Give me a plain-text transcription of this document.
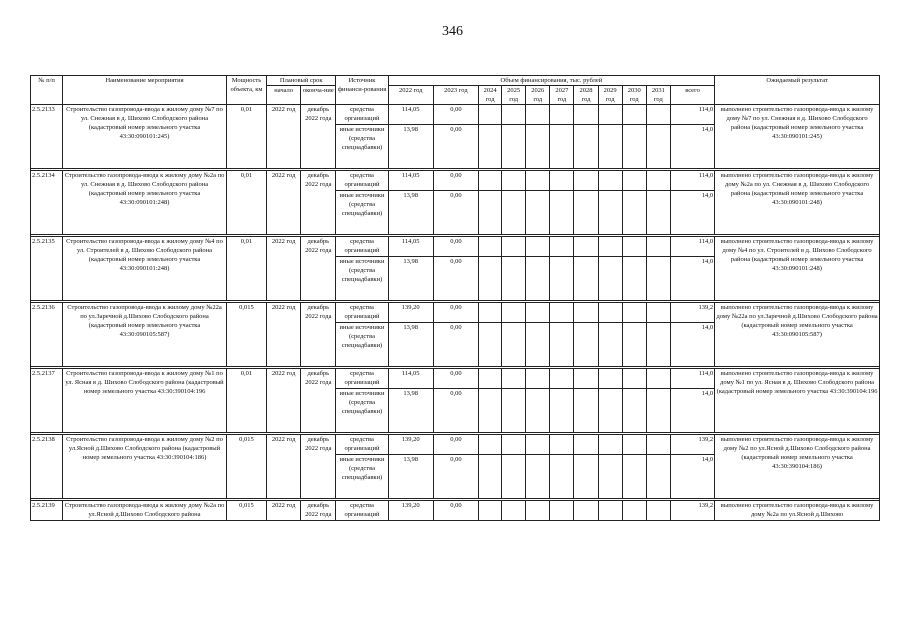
346
№ п/п	Наименование мероприятия	Мощность объекта, км	Плановый срок		Источник финанси-рования	Объем финансирования, тыс. рублей											Ожидаемый результат
			начало	оконча-ние		2022 год	2023 год	2024 год	2025 год	2026 год	2027 год	2028 год	2029 год	2030 год	2031 год	всего	
2.5.2133	Строительство газопровода-ввода к жилому дому №7 по ул. Снежная в д. Шихово Слободского района (кадастровый номер земельного участка 43:30:090101:245)	0,01	2022 год	декабрь 2022 года	средства организаций	114,05	0,00									114,0	выполнено строительство газопровода-ввода к жилому дому №7 по ул. Снежная в д. Шихово Слободского района (кадастровый номер земельного участка 43:30:090101:245)
					иные источники (средства спецнадбавки)	13,98	0,00									14,0	

2.5.2134	Строительство газопровода-ввода к жилому дому №2а по ул. Снежная в д. Шихово Слободского района (кадастровый номер земельного участка 43:30:090101:248)	0,01	2022 год	декабрь 2022 года	средства организаций	114,05	0,00									114,0	выполнено строительство газопровода-ввода к жилому дому №2а по ул. Снежная в д. Шихово Слободского района (кадастровый номер земельного участка 43:30:090101:248)
					иные источники (средства спецнадбавки)	13,98	0,00									14,0	

2.5.2135	Строительство газопровода-ввода к жилому дому №4 по ул. Строителей в д. Шихово Слободского района (кадастровый номер земельного участка 43:30:090101:248)	0,01	2022 год	декабрь 2022 года	средства организаций	114,05	0,00									114,0	выполнено строительство газопровода-ввода к жилому дому №4 по ул. Строителей в д. Шихово Слободского района (кадастровый номер земельного участка 43:30:090101:248)
					иные источники (средства спецнадбавки)	13,98	0,00									14,0	

2.5.2136	Строительство газопровода-ввода к жилому дому №22а по ул.Заречной д.Шихово Слободского района (кадастровый номер земельного участка 43:30:090105:587)	0,015	2022 год	декабрь 2022 года	средства организаций	139,20	0,00									139,2	выполнено строительство газопровода-ввода к жилому дому №22а по ул.Заречной д.Шихово Слободского района (кадастровый номер земельного участка 43:30:090105:587)
					иные источники (средства спецнадбавки)	13,98	0,00									14,0	

2.5.2137	Строительство газопровода-ввода к жилому дому №1 по ул. Ясная в д. Шихово Слободского района (кадастровый номер земельного участка 43:30:390104:196	0,01	2022 год	декабрь 2022 года	средства организаций	114,05	0,00									114,0	выполнено строительство газопровода-ввода к жилому дому №1 по ул. Ясная в д. Шихово Слободского района (кадастровый номер земельного участка 43:30:390104:196
					иные источники (средства спецнадбавки)	13,98	0,00									14,0	

2.5.2138	Строительство газопровода-ввода к жилому дому №2 по ул.Ясной д.Шихово Слободского района (кадастровый номер земельного участка 43:30:390104:186)	0,015	2022 год	декабрь 2022 года	средства организаций	139,20	0,00									139,2	выполнено строительство газопровода-ввода к жилому дому №2 по ул.Ясной д.Шихово Слободского района (кадастровый номер земельного участка 43:30:390104:186)
					иные источники (средства спецнадбавки)	13,98	0,00									14,0	

2.5.2139	Строительство газопровода-ввода к жилому дому №2а по ул.Ясной д.Шихово Слободского района	0,015	2022 год	декабрь 2022 года	средства организаций	139,20	0,00									139,2	выполнено строительство газопровода-ввода к жилому дому №2а по ул.Ясной д.Шихово
